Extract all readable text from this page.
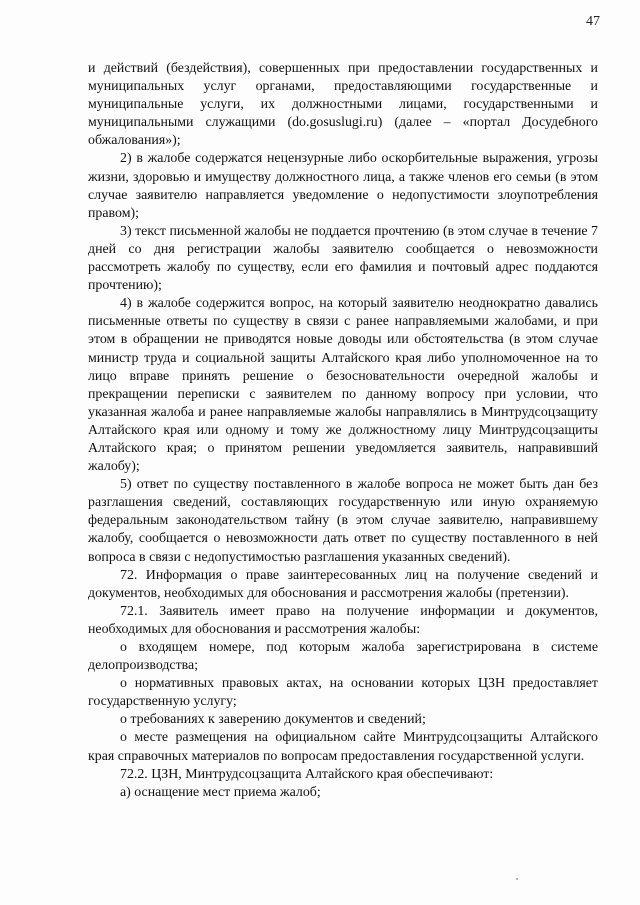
47

и действий (бездействия), совершенных при предоставлении государственных и муниципальных услуг органами, предоставляющими государственные и муниципальные услуги, их должностными лицами, государственными и муниципальными служащими (do.gosuslugi.ru) (далее – «портал Досудебного обжалования»);

2) в жалобе содержатся нецензурные либо оскорбительные выражения, угрозы жизни, здоровью и имуществу должностного лица, а также членов его семьи (в этом случае заявителю направляется уведомление о недопустимости злоупотребления правом);

3) текст письменной жалобы не поддается прочтению (в этом случае в течение 7 дней со дня регистрации жалобы заявителю сообщается о невозможности рассмотреть жалобу по существу, если его фамилия и почтовый адрес поддаются прочтению);

4) в жалобе содержится вопрос, на который заявителю неоднократно давались письменные ответы по существу в связи с ранее направляемыми жалобами, и при этом в обращении не приводятся новые доводы или обстоятельства (в этом случае министр труда и социальной защиты Алтайского края либо уполномоченное на то лицо вправе принять решение о безосновательности очередной жалобы и прекращении переписки с заявителем по данному вопросу при условии, что указанная жалоба и ранее направляемые жалобы направлялись в Минтрудсоцзащиту Алтайского края или одному и тому же должностному лицу Минтрудсоцзащиты Алтайского края; о принятом решении уведомляется заявитель, направивший жалобу);

5) ответ по существу поставленного в жалобе вопроса не может быть дан без разглашения сведений, составляющих государственную или иную охраняемую федеральным законодательством тайну (в этом случае заявителю, направившему жалобу, сообщается о невозможности дать ответ по существу поставленного в ней вопроса в связи с недопустимостью разглашения указанных сведений).

72. Информация о праве заинтересованных лиц на получение сведений и документов, необходимых для обоснования и рассмотрения жалобы (претензии).

72.1. Заявитель имеет право на получение информации и документов, необходимых для обоснования и рассмотрения жалобы:

о входящем номере, под которым жалоба зарегистрирована в системе делопроизводства;

о нормативных правовых актах, на основании которых ЦЗН предоставляет государственную услугу;

о требованиях к заверению документов и сведений;

о месте размещения на официальном сайте Минтрудсоцзащиты Алтайского края справочных материалов по вопросам предоставления государственной услуги.

72.2. ЦЗН, Минтрудсоцзащита Алтайского края обеспечивают:

а) оснащение мест приема жалоб;
